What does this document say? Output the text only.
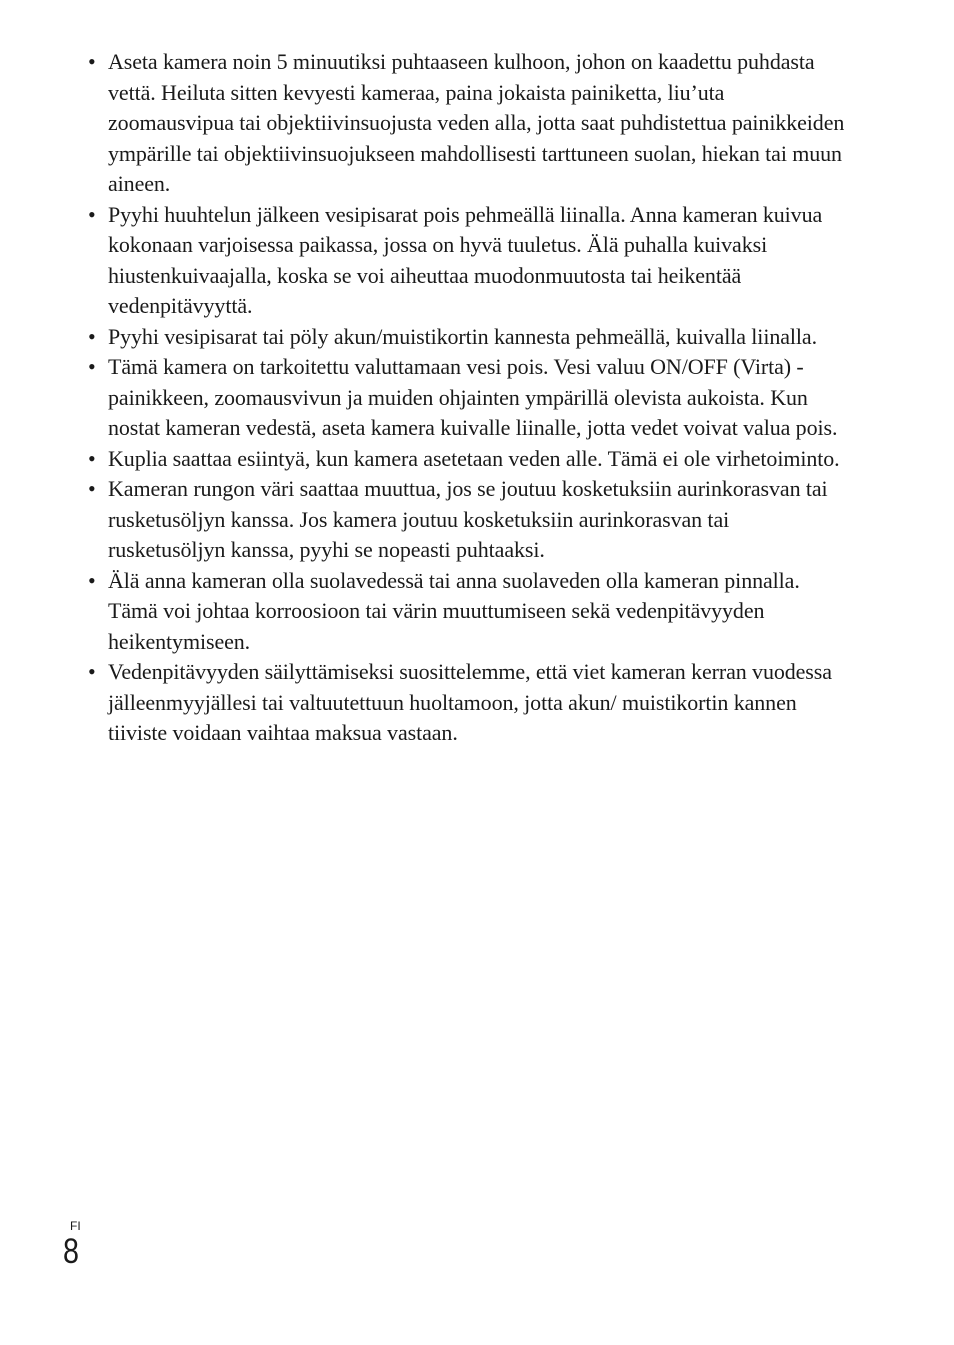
• Aseta kamera noin 5 minuutiksi puhtaaseen kulhoon, johon on kaadettu puhdasta vettä. Heiluta sitten kevyesti kameraa, paina jokaista painiketta, liu’uta zoomausvipua tai objektiivinsuojusta veden alla, jotta saat puhdistettua painikkeiden ympärille tai objektiivinsuojukseen mahdollisesti tarttuneen suolan, hiekan tai muun aineen.
• Pyyhi huuhtelun jälkeen vesipisarat pois pehmeällä liinalla. Anna kameran kuivua kokonaan varjoisessa paikassa, jossa on hyvä tuuletus. Älä puhalla kuivaksi hiustenkuivaajalla, koska se voi aiheuttaa muodonmuutosta tai heikentää vedenpitävyyttä.
• Pyyhi vesipisarat tai pöly akun/muistikortin kannesta pehmeällä, kuivalla liinalla.
• Tämä kamera on tarkoitettu valuttamaan vesi pois. Vesi valuu ON/OFF (Virta) -painikkeen, zoomausvivun ja muiden ohjainten ympärillä olevista aukoista. Kun nostat kameran vedestä, aseta kamera kuivalle liinalle, jotta vedet voivat valua pois.
• Kuplia saattaa esiintyä, kun kamera asetetaan veden alle. Tämä ei ole virhetoiminto.
• Kameran rungon väri saattaa muuttua, jos se joutuu kosketuksiin aurinkorasvan tai rusketusöljyn kanssa. Jos kamera joutuu kosketuksiin aurinkorasvan tai rusketusöljyn kanssa, pyyhi se nopeasti puhtaaksi.
• Älä anna kameran olla suolavedessä tai anna suolaveden olla kameran pinnalla. Tämä voi johtaa korroosioon tai värin muuttumiseen sekä vedenpitävyyden heikentymiseen.
• Vedenpitävyyden säilyttämiseksi suosittelemme, että viet kameran kerran vuodessa jälleenmyyjällesi tai valtuutettuun huoltamoon, jotta akun/ muistikortin kannen tiiviste voidaan vaihtaa maksua vastaan.
FI
8
